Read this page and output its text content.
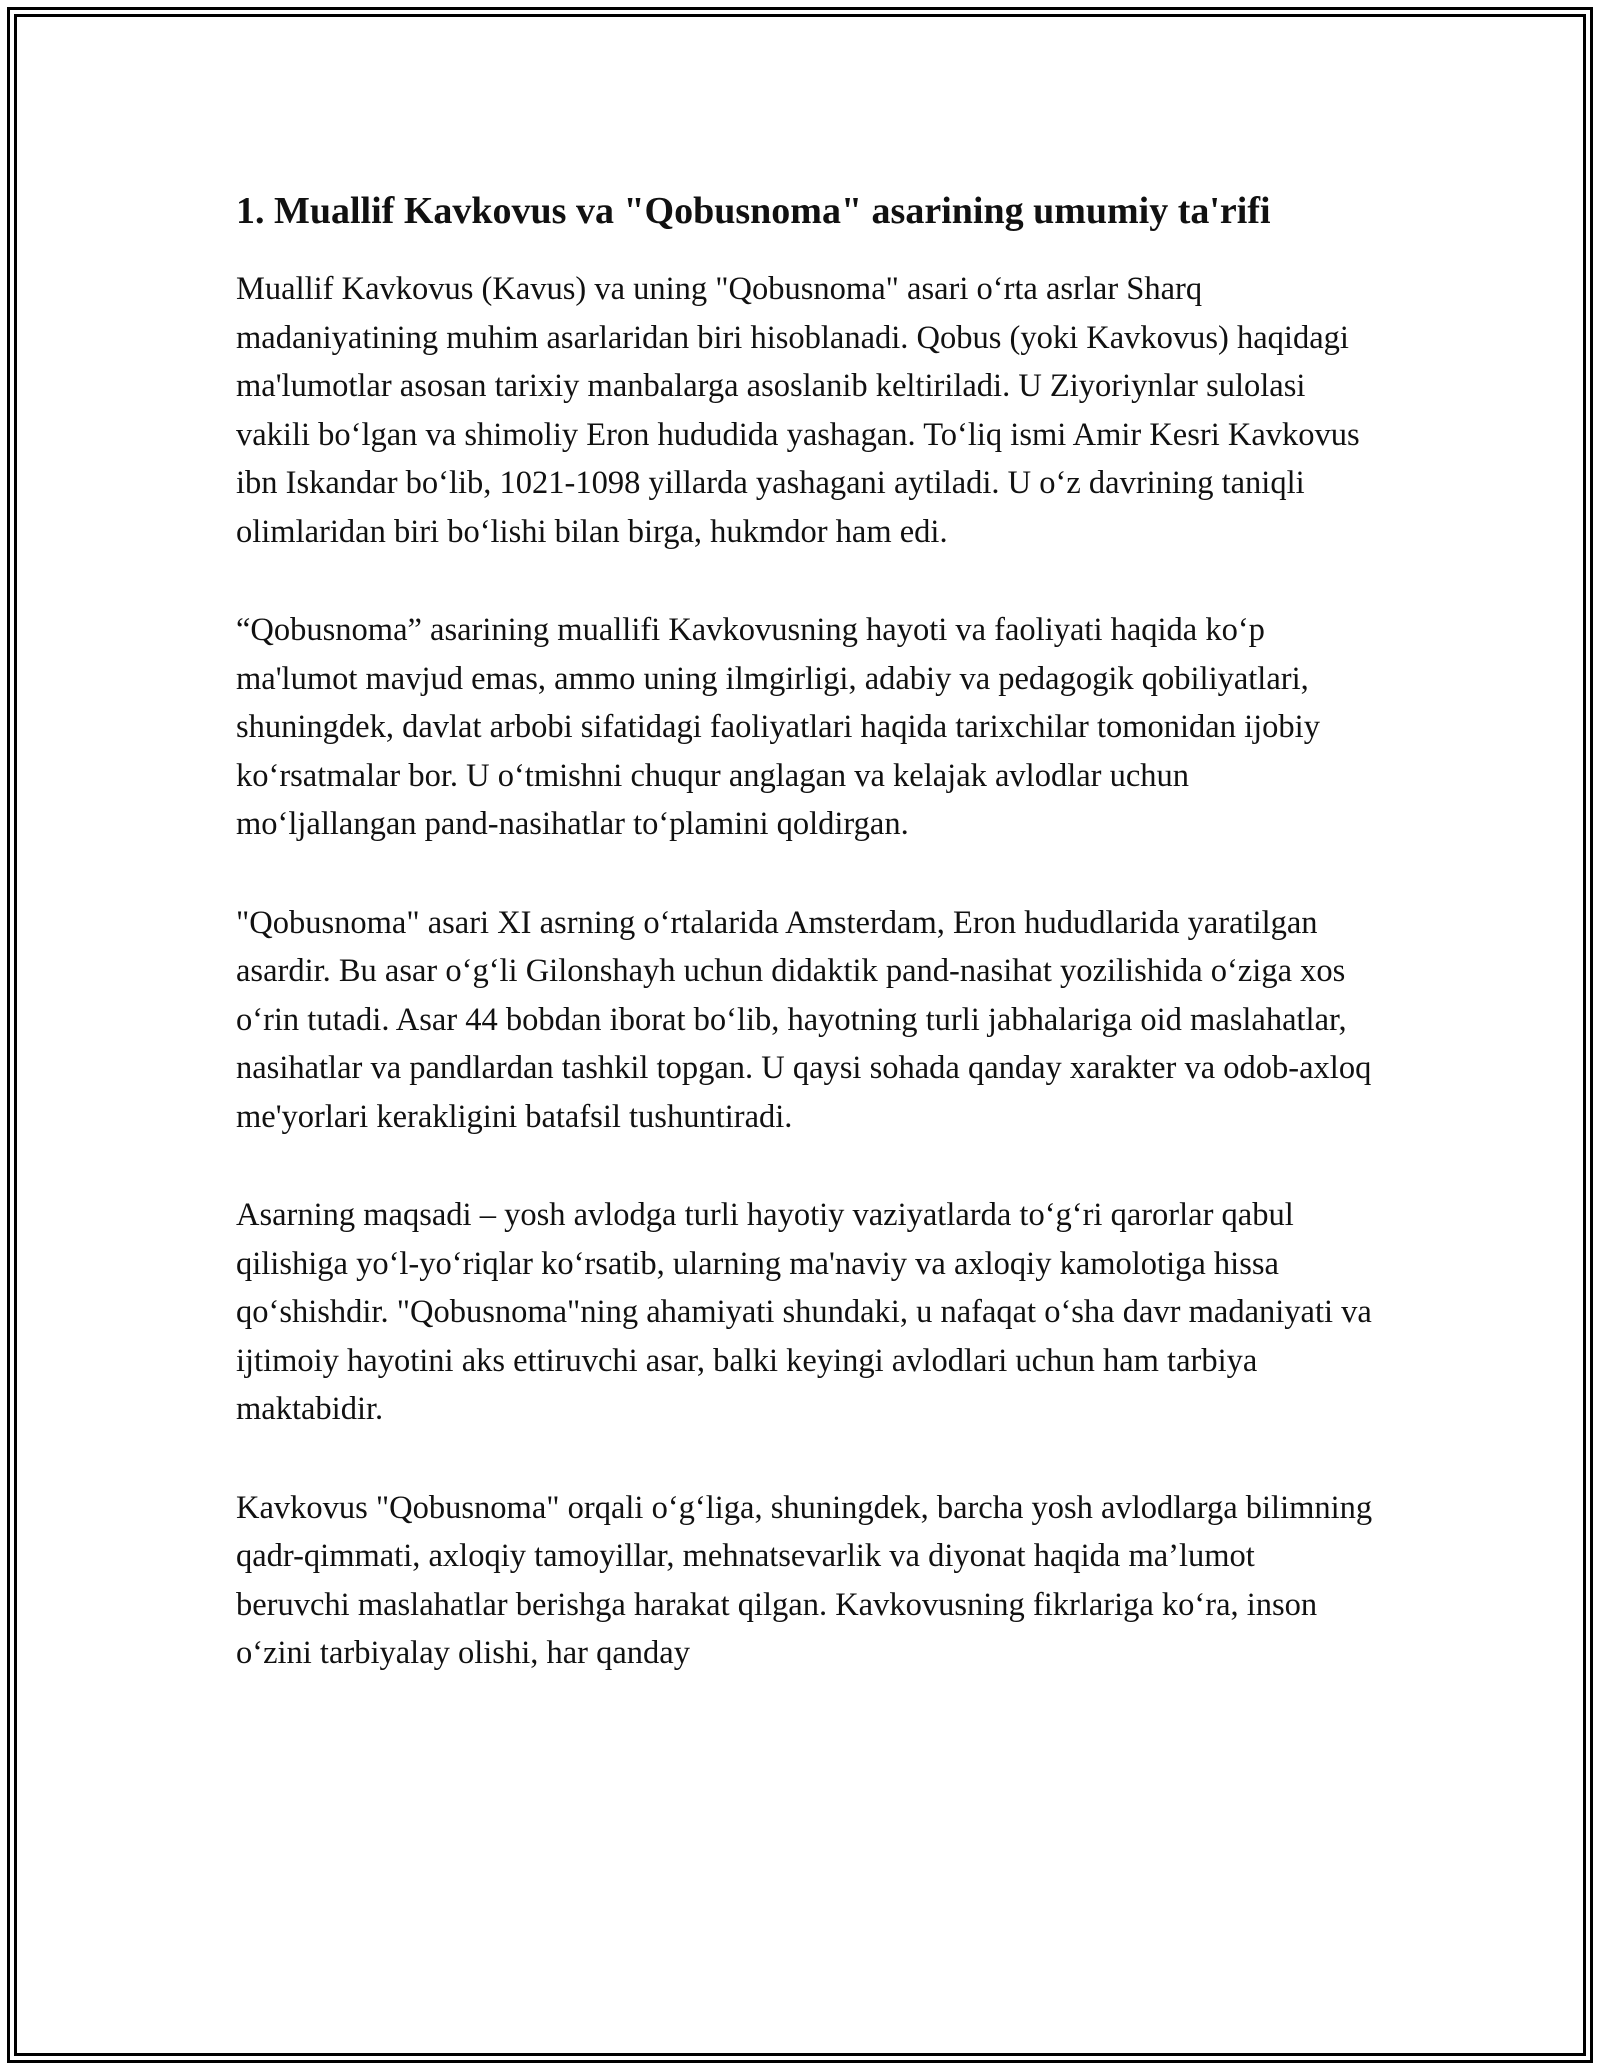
1. Muallif Kavkovus va "Qobusnoma" asarining umumiy ta'rifi

Muallif Kavkovus (Kavus) va uning "Qobusnoma" asari o‘rta asrlar Sharq madaniyatining muhim asarlaridan biri hisoblanadi. Qobus (yoki Kavkovus) haqidagi ma'lumotlar asosan tarixiy manbalarga asoslanib keltiriladi. U Ziyoriynlar sulolasi vakili bo‘lgan va shimoliy Eron hududida yashagan. To‘liq ismi Amir Kesri Kavkovus ibn Iskandar bo‘lib, 1021-1098 yillarda yashagani aytiladi. U o‘z davrining taniqli olimlaridan biri bo‘lishi bilan birga, hukmdor ham edi.

“Qobusnoma” asarining muallifi Kavkovusning hayoti va faoliyati haqida ko‘p ma'lumot mavjud emas, ammo uning ilmgirligi, adabiy va pedagogik qobiliyatlari, shuningdek, davlat arbobi sifatidagi faoliyatlari haqida tarixchilar tomonidan ijobiy ko‘rsatmalar bor. U o‘tmishni chuqur anglagan va kelajak avlodlar uchun mo‘ljallangan pand-nasihatlar to‘plamini qoldirgan.

"Qobusnoma" asari XI asrning o‘rtalarida Amsterdam, Eron hududlarida yaratilgan asardir. Bu asar o‘g‘li Gilonshayh uchun didaktik pand-nasihat yozilishida o‘ziga xos o‘rin tutadi. Asar 44 bobdan iborat bo‘lib, hayotning turli jabhalariga oid maslahatlar, nasihatlar va pandlardan tashkil topgan. U qaysi sohada qanday xarakter va odob-axloq me'yorlari kerakligini batafsil tushuntiradi.

Asarning maqsadi – yosh avlodga turli hayotiy vaziyatlarda to‘g‘ri qarorlar qabul qilishiga yo‘l-yo‘riqlar ko‘rsatib, ularning ma'naviy va axloqiy kamolotiga hissa qo‘shishdir. "Qobusnoma"ning ahamiyati shundaki, u nafaqat o‘sha davr madaniyati va ijtimoiy hayotini aks ettiruvchi asar, balki keyingi avlodlari uchun ham tarbiya maktabidir.

Kavkovus "Qobusnoma" orqali o‘g‘liga, shuningdek, barcha yosh avlodlarga bilimning qadr-qimmati, axloqiy tamoyillar, mehnatsevarlik va diyonat haqida ma’lumot beruvchi maslahatlar berishga harakat qilgan. Kavkovusning fikrlariga ko‘ra, inson o‘zini tarbiyalay olishi, har qanday
